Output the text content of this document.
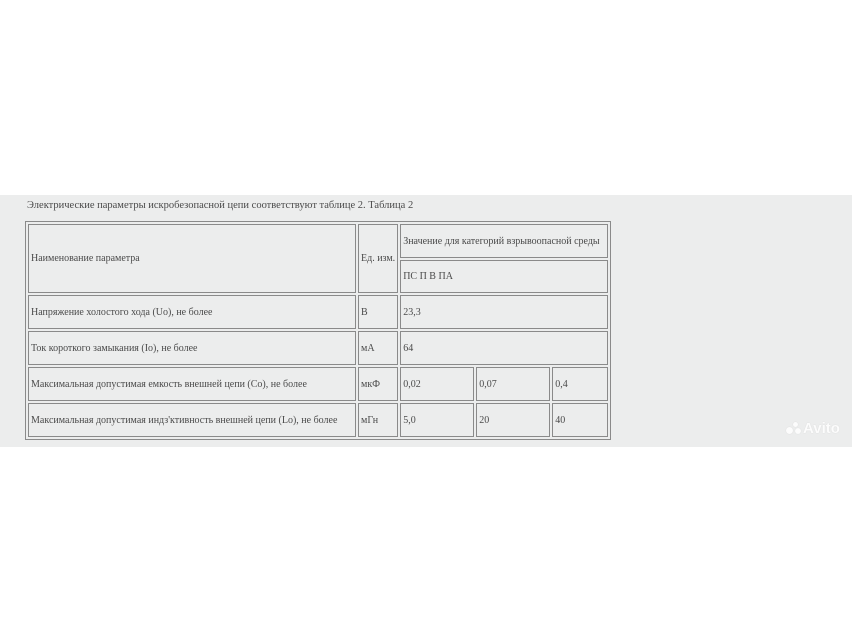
Электрические параметры искробезопасной цепи соответствуют таблице 2. Таблица 2
Наименование параметра	Ед. изм.	Значение для категорий взрывоопасной среды		
		ПС П В ПА		
Напряжение холостого хода (Uo), не более	В	23,3		
Ток короткого замыкания (Io), не более	мА	64		
Максимальная допустимая емкость внешней цепи (Со), не более	мкФ	0,02	0,07	0,4
Максимальная допустимая индз'ктивность внешней цепи (Lo), не более	мГн	5,0	20	40	Avito
